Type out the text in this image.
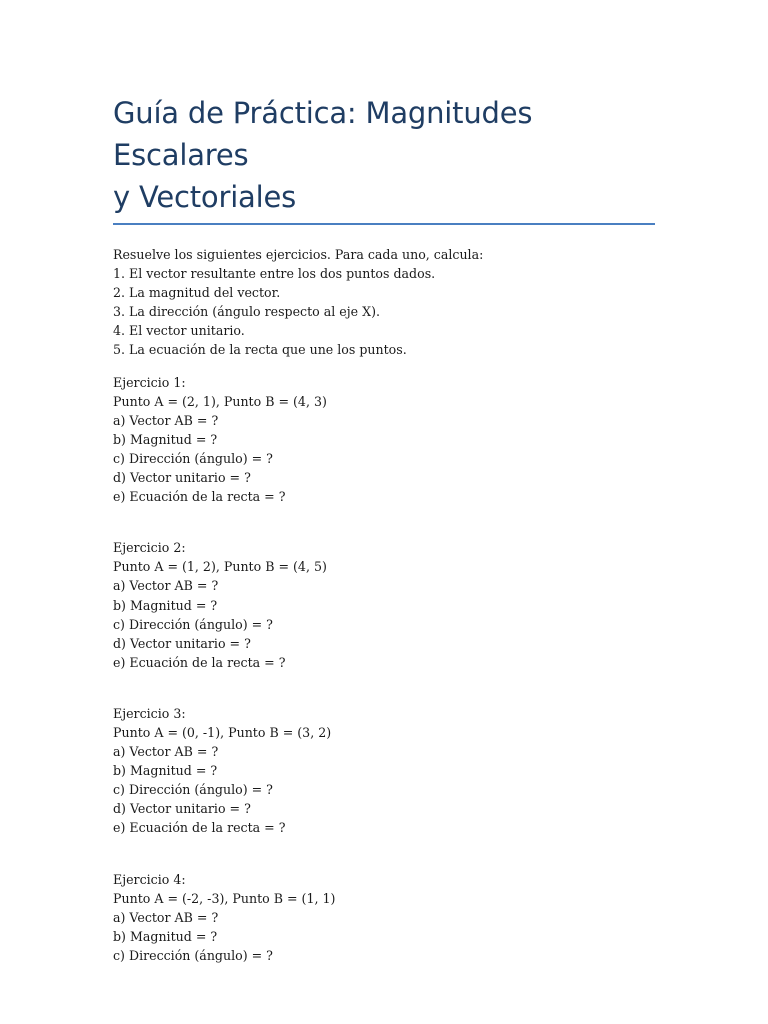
Guía de Práctica: Magnitudes Escalares
y Vectoriales
Resuelve los siguientes ejercicios. Para cada uno, calcula:
1. El vector resultante entre los dos puntos dados.
2. La magnitud del vector.
3. La dirección (ángulo respecto al eje X).
4. El vector unitario.
5. La ecuación de la recta que une los puntos.
Ejercicio 1:
Punto A = (2, 1), Punto B = (4, 3)
a) Vector AB = ?
b) Magnitud = ?
c) Dirección (ángulo) = ?
d) Vector unitario = ?
e) Ecuación de la recta = ?
Ejercicio 2:
Punto A = (1, 2), Punto B = (4, 5)
a) Vector AB = ?
b) Magnitud = ?
c) Dirección (ángulo) = ?
d) Vector unitario = ?
e) Ecuación de la recta = ?
Ejercicio 3:
Punto A = (0, -1), Punto B = (3, 2)
a) Vector AB = ?
b) Magnitud = ?
c) Dirección (ángulo) = ?
d) Vector unitario = ?
e) Ecuación de la recta = ?
Ejercicio 4:
Punto A = (-2, -3), Punto B = (1, 1)
a) Vector AB = ?
b) Magnitud = ?
c) Dirección (ángulo) = ?
